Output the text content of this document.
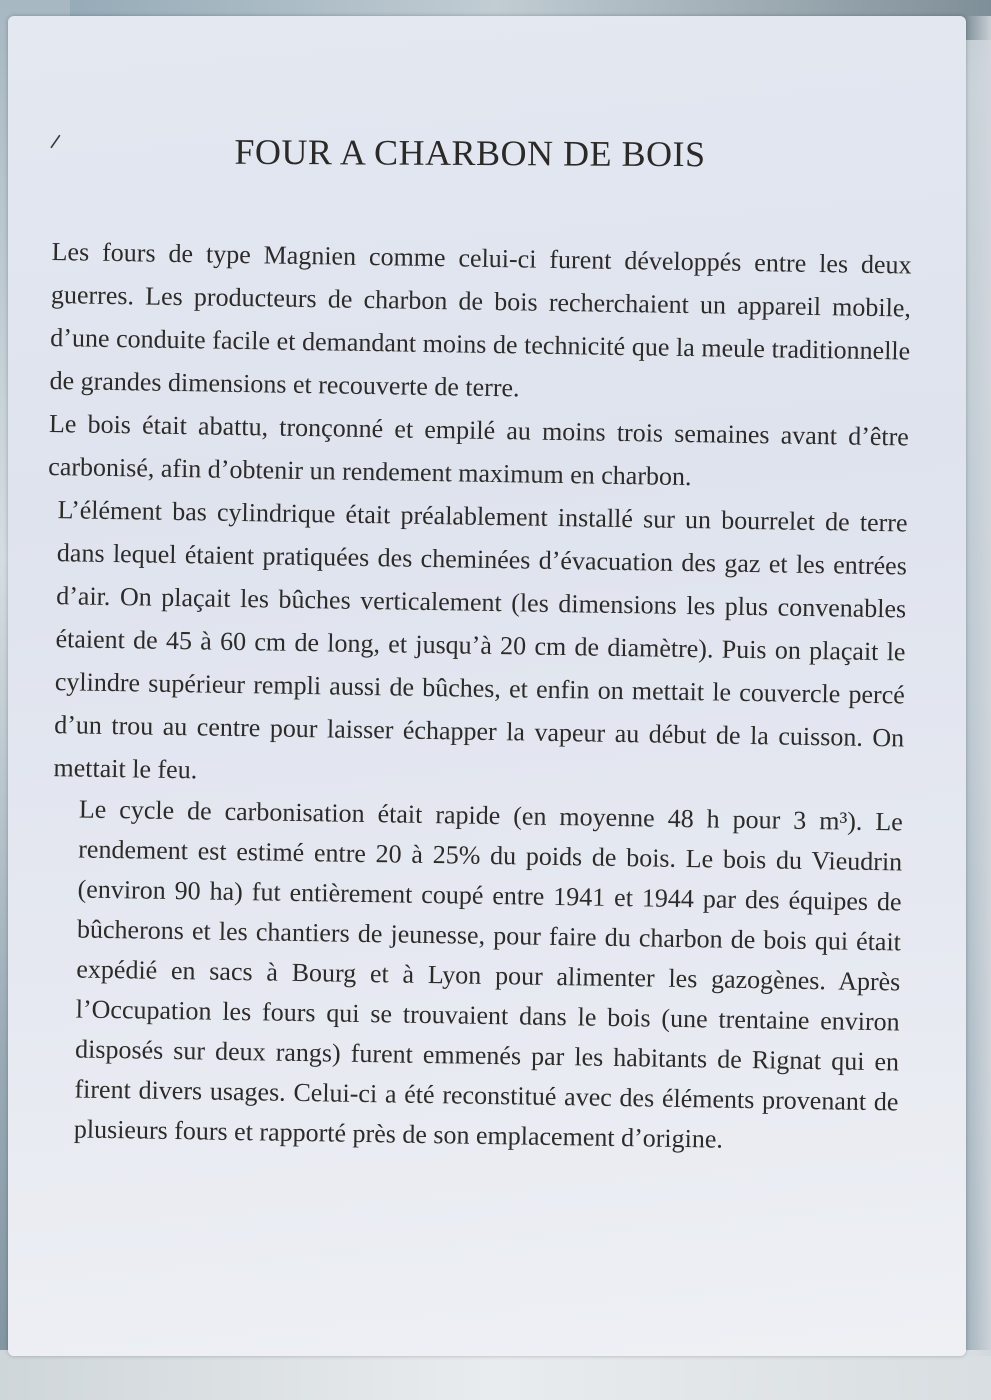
⸝	FOUR A CHARBON DE BOIS

Les fours de type Magnien comme celui-ci furent développés entre les deux guerres. Les producteurs de charbon de bois recherchaient un appareil mobile, d’une conduite facile et demandant moins de technicité que la meule traditionnelle de grandes dimensions et recouverte de terre.

Le bois était abattu, tronçonné et empilé au moins trois semaines avant d’être carbonisé, afin d’obtenir un rendement maximum en charbon.

L’élément bas cylindrique était préalablement installé sur un bourrelet de terre dans lequel étaient pratiquées des cheminées d’évacuation des gaz et les entrées d’air. On plaçait les bûches verticalement (les dimensions les plus convenables étaient de 45 à 60 cm de long, et jusqu’à 20 cm de diamètre). Puis on plaçait le cylindre supérieur rempli aussi de bûches, et enfin on mettait le couvercle percé d’un trou au centre pour laisser échapper la vapeur au début de la cuisson. On mettait le feu.

Le cycle de carbonisation était rapide (en moyenne 48 h pour 3 m³). Le rendement est estimé entre 20 à 25% du poids de bois. Le bois du Vieudrin (environ 90 ha) fut entièrement coupé entre 1941 et 1944 par des équipes de bûcherons et les chantiers de jeunesse, pour faire du charbon de bois qui était expédié en sacs à Bourg et à Lyon pour alimenter les gazogènes. Après l’Occupation les fours qui se trouvaient dans le bois (une trentaine environ disposés sur deux rangs) furent emmenés par les habitants de Rignat qui en firent divers usages. Celui-ci a été reconstitué avec des éléments provenant de plusieurs fours et rapporté près de son emplacement d’origine.
